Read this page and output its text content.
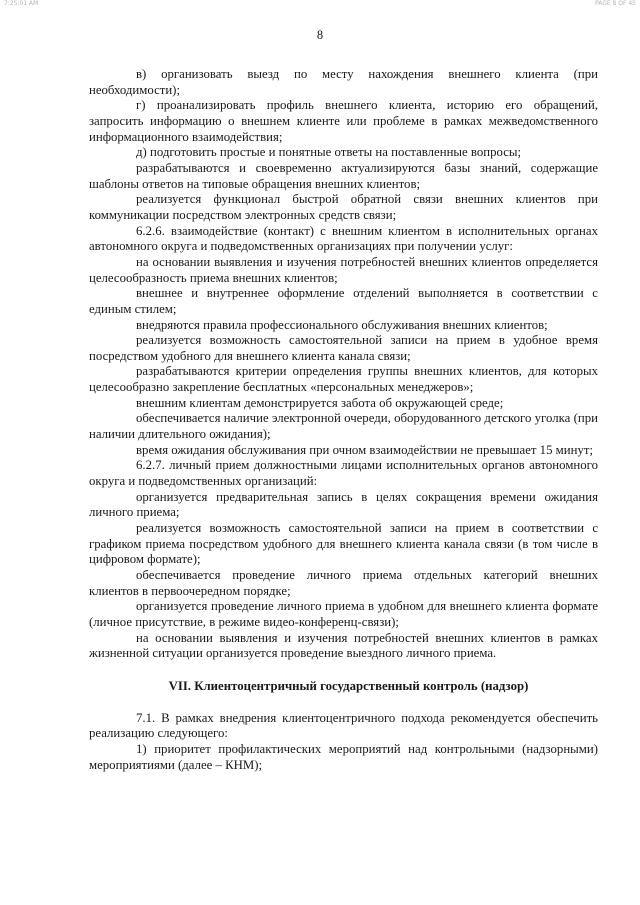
7:25:01 AM	PAGE 8 OF 45
8

в) организовать выезд по месту нахождения внешнего клиента (при необходимости);

г) проанализировать профиль внешнего клиента, историю его обращений, запросить информацию о внешнем клиенте или проблеме в рамках межведомственного информационного взаимодействия;

д) подготовить простые и понятные ответы на поставленные вопросы;

разрабатываются и своевременно актуализируются базы знаний, содержащие шаблоны ответов на типовые обращения внешних клиентов;

реализуется функционал быстрой обратной связи внешних клиентов при коммуникации посредством электронных средств связи;

6.2.6. взаимодействие (контакт) с внешним клиентом в исполнительных органах автономного округа и подведомственных организациях при получении услуг:

на основании выявления и изучения потребностей внешних клиентов определяется целесообразность приема внешних клиентов;

внешнее и внутреннее оформление отделений выполняется в соответствии с единым стилем;

внедряются правила профессионального обслуживания внешних клиентов;

реализуется возможность самостоятельной записи на прием в удобное время посредством удобного для внешнего клиента канала связи;

разрабатываются критерии определения группы внешних клиентов, для которых целесообразно закрепление бесплатных «персональных менеджеров»;

внешним клиентам демонстрируется забота об окружающей среде;

обеспечивается наличие электронной очереди, оборудованного детского уголка (при наличии длительного ожидания);

время ожидания обслуживания при очном взаимодействии не превышает 15 минут;

6.2.7. личный прием должностными лицами исполнительных органов автономного округа и подведомственных организаций:

организуется предварительная запись в целях сокращения времени ожидания личного приема;

реализуется возможность самостоятельной записи на прием в соответствии с графиком приема посредством удобного для внешнего клиента канала связи (в том числе в цифровом формате);

обеспечивается проведение личного приема отдельных категорий внешних клиентов в первоочередном порядке;

организуется проведение личного приема в удобном для внешнего клиента формате (личное присутствие, в режиме видео-конференц-связи);

на основании выявления и изучения потребностей внешних клиентов в рамках жизненной ситуации организуется проведение выездного личного приема.

VII. Клиентоцентричный государственный контроль (надзор)

7.1. В рамках внедрения клиентоцентричного подхода рекомендуется обеспечить реализацию следующего:

1) приоритет профилактических мероприятий над контрольными (надзорными) мероприятиями (далее – КНМ);
